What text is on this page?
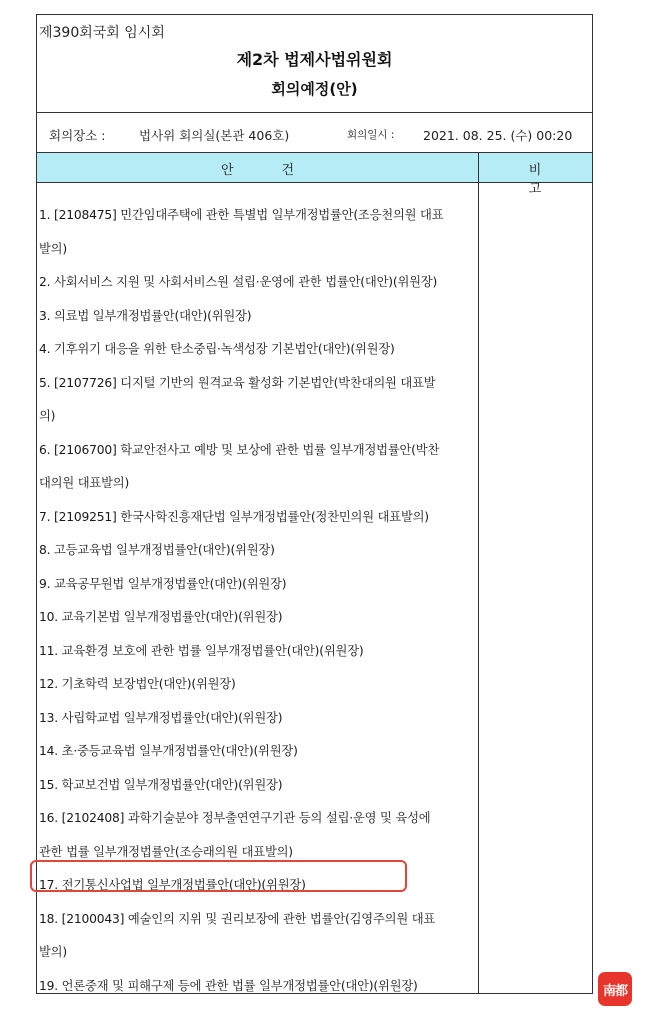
제390회국회 임시회
제2차 법제사법위원회
회의예정(안)
회의장소 :	법사위 회의실(본관 406호)	회의일시 : 2021. 08. 25. (수) 00:20
안건	비고
1. [2108475] 민간임대주택에 관한 특별법 일부개정법률안(조응천의원 대표
발의)
2. 사회서비스 지원 및 사회서비스원 설립·운영에 관한 법률안(대안)(위원장)
3. 의료법 일부개정법률안(대안)(위원장)
4. 기후위기 대응을 위한 탄소중립·녹색성장 기본법안(대안)(위원장)
5. [2107726] 디지털 기반의 원격교육 활성화 기본법안(박찬대의원 대표발
의)
6. [2106700] 학교안전사고 예방 및 보상에 관한 법률 일부개정법률안(박찬
대의원 대표발의)
7. [2109251] 한국사학진흥재단법 일부개정법률안(정찬민의원 대표발의)
8. 고등교육법 일부개정법률안(대안)(위원장)
9. 교육공무원법 일부개정법률안(대안)(위원장)
10. 교육기본법 일부개정법률안(대안)(위원장)
11. 교육환경 보호에 관한 법률 일부개정법률안(대안)(위원장)
12. 기초학력 보장법안(대안)(위원장)
13. 사립학교법 일부개정법률안(대안)(위원장)
14. 초·중등교육법 일부개정법률안(대안)(위원장)
15. 학교보건법 일부개정법률안(대안)(위원장)
16. [2102408] 과학기술분야 정부출연연구기관 등의 설립·운영 및 육성에
관한 법률 일부개정법률안(조승래의원 대표발의)
17. 전기통신사업법 일부개정법률안(대안)(위원장)
18. [2100043] 예술인의 지위 및 권리보장에 관한 법률안(김영주의원 대표
발의)
19. 언론중재 및 피해구제 등에 관한 법률 일부개정법률안(대안)(위원장)	南都
